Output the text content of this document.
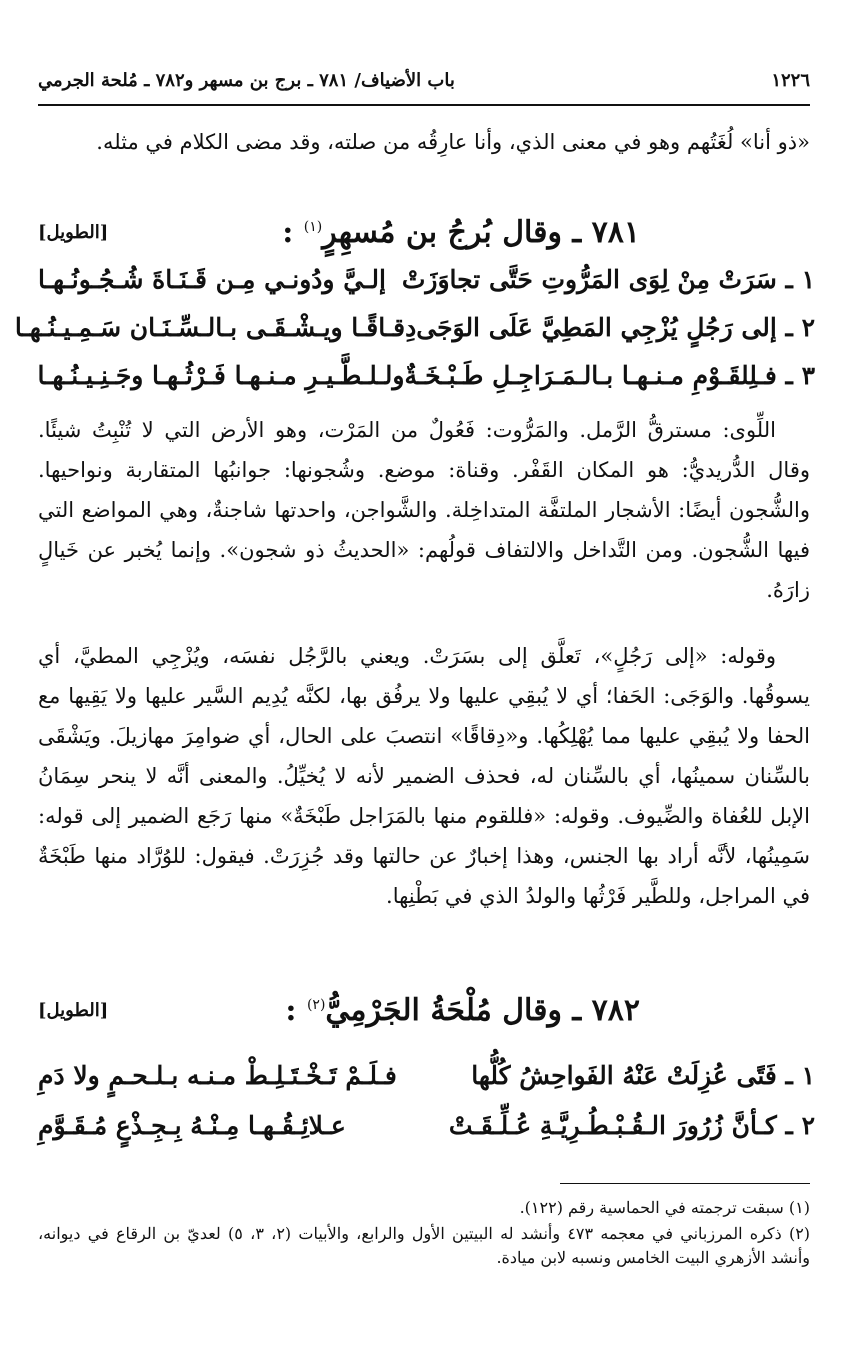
١٢٢٦
باب الأضياف/ ٧٨١ ـ برج بن مسهر و٧٨٢ ـ مُلحة الجرمي
«ذو أنا» لُغَتُهم وهو في معنى الذي، وأنا عارِقُه من صلته، وقد مضى الكلام في مثله.
٧٨١ ـ وقال بُرجُ بن مُسهِرٍ$^{(١)}$ :
[الطويل]
١ ـ سَرَتْ مِنْ لِوَى المَرُّوتِ حَتَّى تجاوَزَتْ
إلـيَّ ودُونـي مِـن قَـنَـاةَ شُـجُـونُـهـا
٢ ـ إلى رَجُلٍ يُزْجِي المَطِيَّ عَلَى الوَجَى
دِقـاقًـا ويـشْـقَـى بـالـسِّـنَـان سَـمِـيـنُـهـا
٣ ـ فـلِلقَـوْمِ مـنـهـا بـالـمَـرَاجِـلِ طَـبْـخَـةٌ
ولـلـطَّـيـرِ مـنـهـا فَـرْثُـهـا وجَـنِـيـنُـهـا
اللِّوى: مسترقُّ الرَّمل. والمَرُّوت: فَعُولٌ من المَرْت، وهو الأرض التي لا تُنْبِتُ شيئًا. وقال الدُّريديُّ: هو المكان القَفْر. وقناة: موضع. وشُجونها: جوانبُها المتقاربة ونواحيها. والشُّجون أيضًا: الأشجار الملتفَّة المتداخِلة. والشَّواجن، واحدتها شاجنةٌ، وهي المواضع التي فيها الشُّجون. ومن التَّداخل والالتفاف قولُهم: «الحديثُ ذو شجون». وإنما يُخبر عن خَيالٍ زارَهُ.
وقوله: «إلى رَجُلٍ»، تَعلَّق إلى بسَرَتْ. ويعني بالرَّجُل نفسَه، ويُزْجِي المطيَّ، أي يسوقُها. والوَجَى: الحَفا؛ أي لا يُبقِي عليها ولا يرفُق بها، لكنَّه يُدِيم السَّير عليها ولا يَقِيها مع الحفا ولا يُبقِي عليها مما يُهْلِكُها. و«دِقاقًا» انتصبَ على الحال، أي ضوامِرَ مهازيلَ. ويَشْقَى بالسِّنان سمينُها، أي بالسِّنان له، فحذف الضمير لأنه لا يُخيِّلُ. والمعنى أنَّه لا ينحر سِمَانُ الإبل للعُفاة والضِّيوف. وقوله: «فللقوم منها بالمَرَاجل طَبْخَةٌ» منها رَجَع الضمير إلى قوله: سَمِينُها، لأنَّه أراد بها الجنس، وهذا إخبارٌ عن حالتها وقد جُزِرَتْ. فيقول: للوُرَّاد منها طَبْخَةٌ في المراجل، وللطَّير فَرْثُها والولدُ الذي في بَطْنِها.
٧٨٢ ـ وقال مُلْحَةُ الجَرْمِيُّ$^{(٢)}$ :
[الطويل]
١ ـ فَتًى عُزِلَتْ عَنْهُ الفَواحِشُ كُلُّها
فـلَـمْ تَـخْـتَـلِـطْ مـنـه بـلـحـمٍ ولا دَمِ
٢ ـ كـأنَّ زُرُورَ الـقُـبْـطُـرِيَّـةِ عُـلِّـقَـتْ
عـلائِـقُـهـا مِـنْـهُ بِـجِـذْعٍ مُـقَـوَّمِ
(١) سبقت ترجمته في الحماسية رقم (١٢٢).
(٢) ذكره المرزباني في معجمه ٤٧٣ وأنشد له البيتين الأول والرابع، والأبيات (٢، ٣، ٥) لعديّ بن الرقاع في ديوانه، وأنشد الأزهري البيت الخامس ونسبه لابن ميادة.
